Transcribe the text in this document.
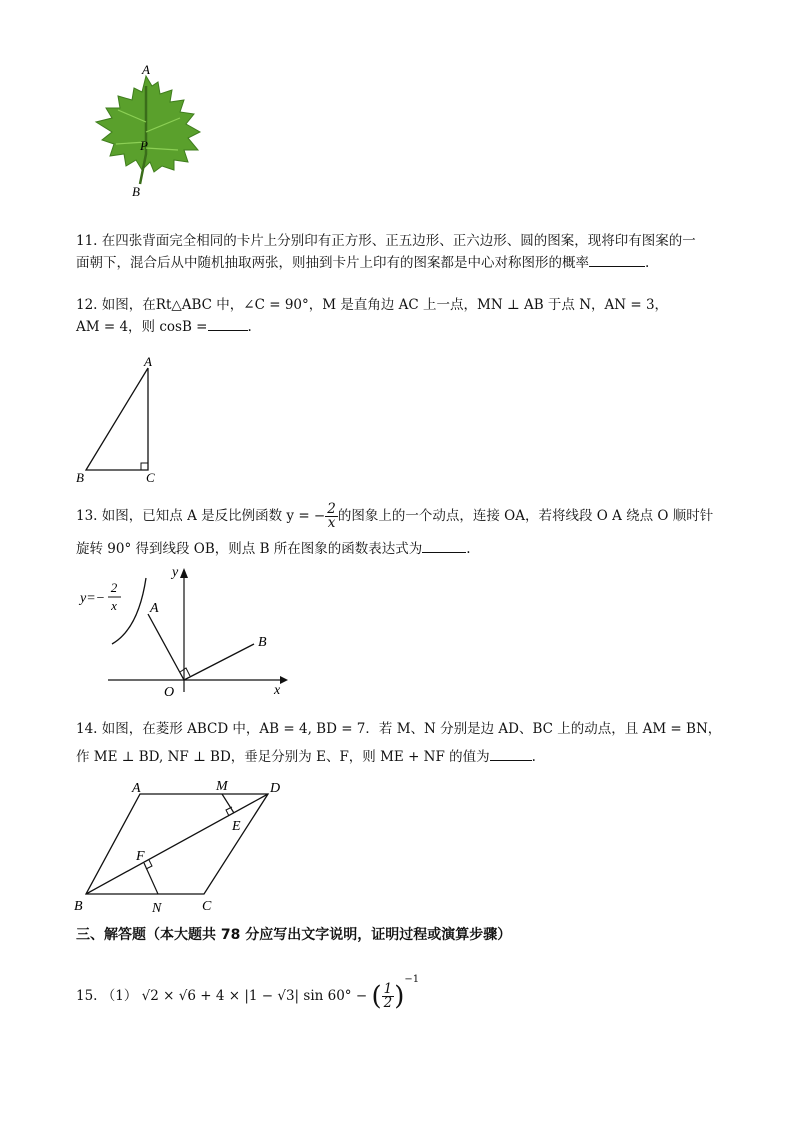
A
P
B
11. 在四张背面完全相同的卡片上分别印有正方形、正五边形、正六边形、圆的图案，现将印有图案的一
面朝下，混合后从中随机抽取两张，则抽到卡片上印有的图案都是中心对称图形的概率	.
12. 如图，在Rt△ABC 中，∠C = 90°，M 是直角边 AC 上一点，MN ⊥ AB 于点 N，AN = 3，
AM = 4，则 cosB =	.
A
B	C
13. 如图，已知点 A 是反比例函数 y = − $\frac{2}{x}$ 的图象上的一个动点，连接 OA，若将线段 O A 绕点 O 顺时针
旋转 90° 得到线段 OB，则点 B 所在图象的函数表达式为	.
y=−
2
x
y
x
O
A
B
14. 如图，在菱形 ABCD 中，AB = 4, BD = 7．若 M、N 分别是边 AD、BC 上的动点，且 AM = BN，
作 ME ⊥ BD, NF ⊥ BD，垂足分别为 E、F，则 ME + NF 的值为	.
A	M	D
E
F
B	N	C
三、解答题（本大题共 78 分应写出文字说明，证明过程或演算步骤）
15. （1） √2 × √6 + 4 × |1 − √3| sin 60° − ( $\frac{1}{2} )^{-1}$
